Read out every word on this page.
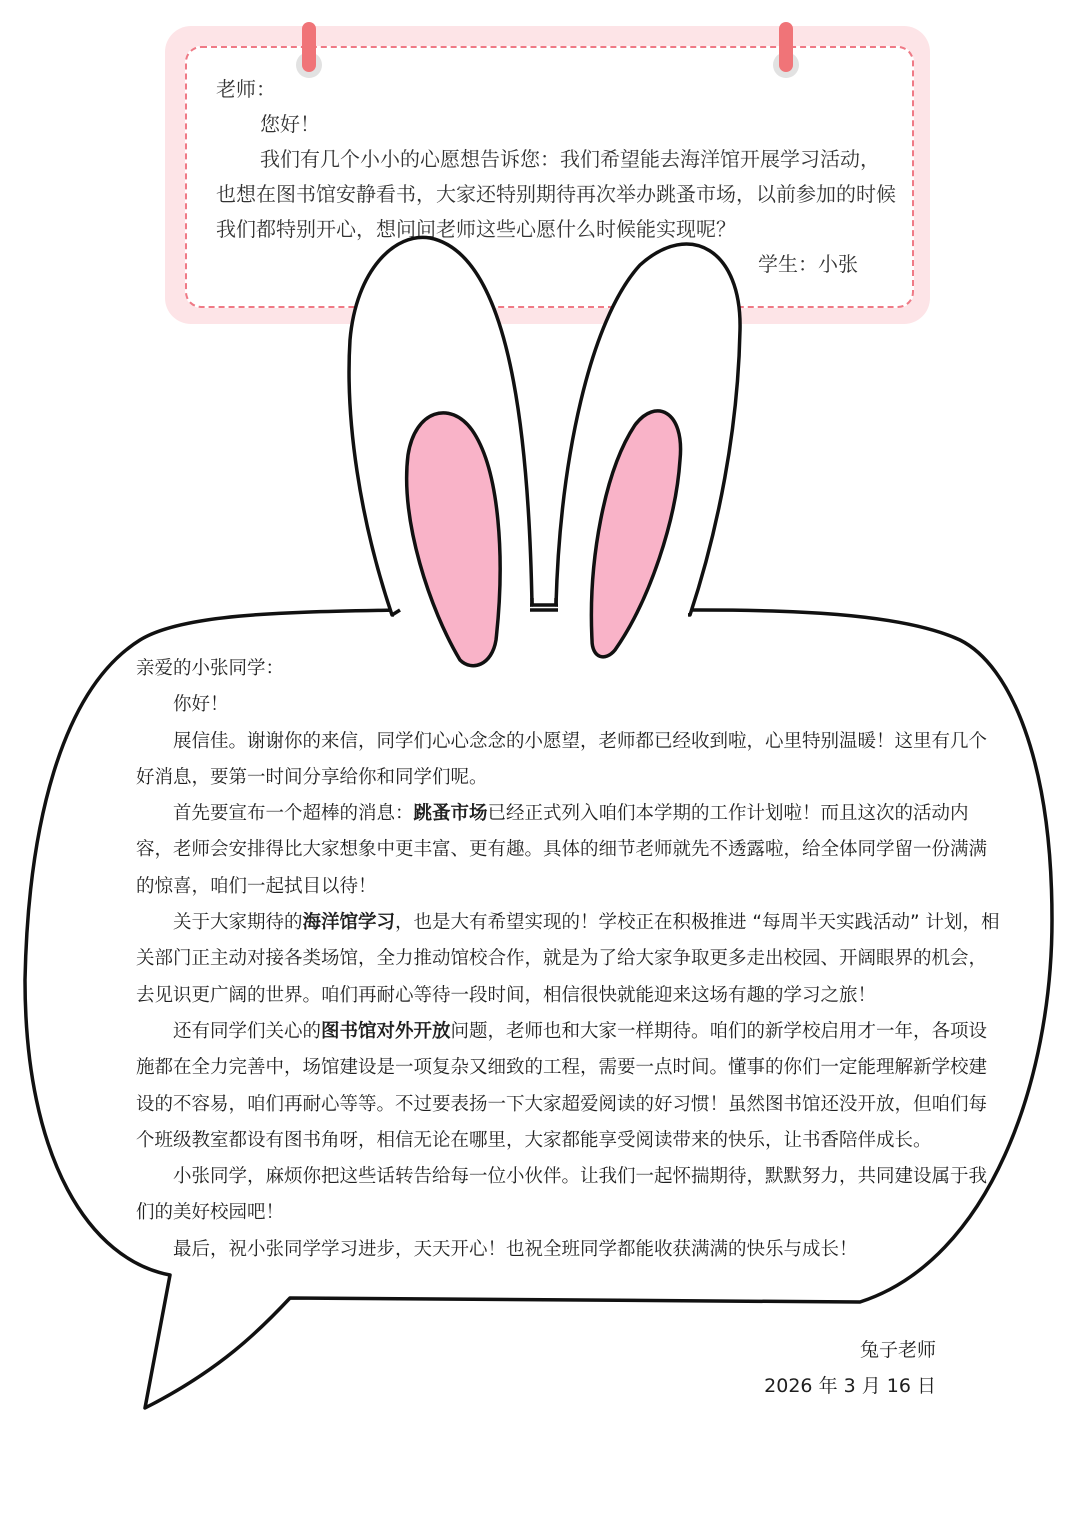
老师：

您好！

我们有几个小小的心愿想告诉您：我们希望能去海洋馆开展学习活动，也想在图书馆安静看书，大家还特别期待再次举办跳蚤市场，以前参加的时候我们都特别开心，想问问老师这些心愿什么时候能实现呢？

学生：小张

亲爱的小张同学：

你好！

展信佳。谢谢你的来信，同学们心心念念的小愿望，老师都已经收到啦，心里特别温暖！这里有几个好消息，要第一时间分享给你和同学们呢。

首先要宣布一个超棒的消息：跳蚤市场已经正式列入咱们本学期的工作计划啦！而且这次的活动内容，老师会安排得比大家想象中更丰富、更有趣。具体的细节老师就先不透露啦，给全体同学留一份满满的惊喜，咱们一起拭目以待！

关于大家期待的海洋馆学习，也是大有希望实现的！学校正在积极推进 “每周半天实践活动” 计划，相关部门正主动对接各类场馆，全力推动馆校合作，就是为了给大家争取更多走出校园、开阔眼界的机会，去见识更广阔的世界。咱们再耐心等待一段时间，相信很快就能迎来这场有趣的学习之旅！

还有同学们关心的图书馆对外开放问题，老师也和大家一样期待。咱们的新学校启用才一年，各项设施都在全力完善中，场馆建设是一项复杂又细致的工程，需要一点时间。懂事的你们一定能理解新学校建设的不容易，咱们再耐心等等。不过要表扬一下大家超爱阅读的好习惯！虽然图书馆还没开放，但咱们每个班级教室都设有图书角呀，相信无论在哪里，大家都能享受阅读带来的快乐，让书香陪伴成长。

小张同学，麻烦你把这些话转告给每一位小伙伴。让我们一起怀揣期待，默默努力，共同建设属于我们的美好校园吧！

最后，祝小张同学学习进步，天天开心！也祝全班同学都能收获满满的快乐与成长！

兔子老师

2026 年 3 月 16 日
